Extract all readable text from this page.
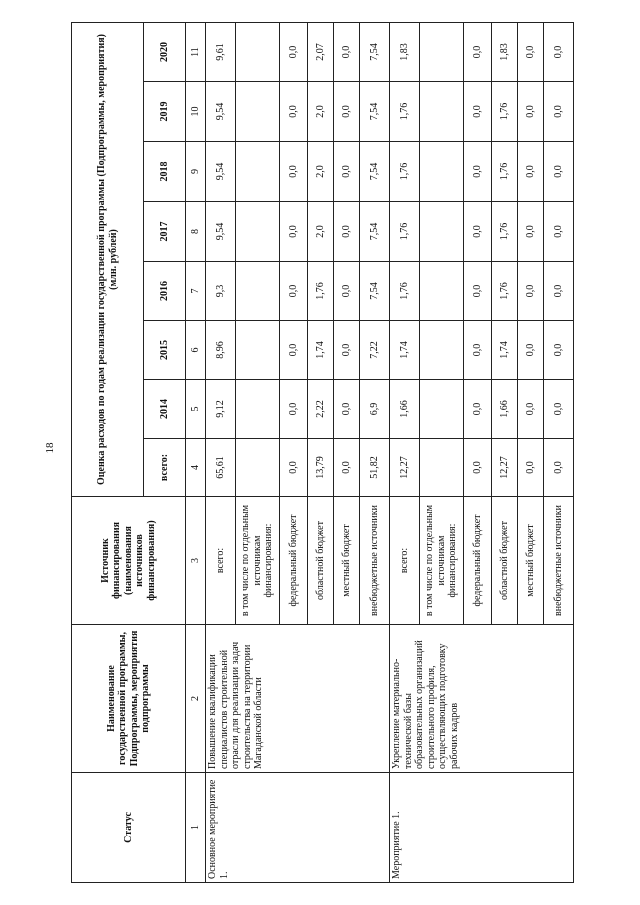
18
Статус	Наименование государственной программы, Подпрограммы, мероприятия подпрограммы	Источник финансирования (наименования источников финансирования)	Оценка расходов по годам реализации государственной программы (Подпрограммы, мероприятия) (млн. рублей)							
			всего:	2014	2015	2016	2017	2018	2019	2020
1	2	3	4	5	6	7	8	9	10	11
Основное мероприятие 1.	Повышение квалификации специалистов строительной отрасли для реализации задач строительства на территории Магаданской области	всего:	65,61	9,12	8,96	9,3	9,54	9,54	9,54	9,61
		в том числе по отдельным источникам финансирования:								
		федеральный бюджет	0,0	0,0	0,0	0,0	0,0	0,0	0,0	0,0
		областной бюджет	13,79	2,22	1,74	1,76	2,0	2,0	2,0	2,07
		местный бюджет	0,0	0,0	0,0	0,0	0,0	0,0	0,0	0,0
		внебюджетные источники	51,82	6,9	7,22	7,54	7,54	7,54	7,54	7,54
Мероприятие 1.	Укрепление материально-технической базы образовательных организаций строительного профиля, осуществляющих подготовку рабочих кадров	всего:	12,27	1,66	1,74	1,76	1,76	1,76	1,76	1,83
		в том числе по отдельным источникам финансирования:								
		федеральный бюджет	0,0	0,0	0,0	0,0	0,0	0,0	0,0	0,0
		областной бюджет	12,27	1,66	1,74	1,76	1,76	1,76	1,76	1,83
		местный бюджет	0,0	0,0	0,0	0,0	0,0	0,0	0,0	0,0
		внебюджетные источники	0,0	0,0	0,0	0,0	0,0	0,0	0,0	0,0
